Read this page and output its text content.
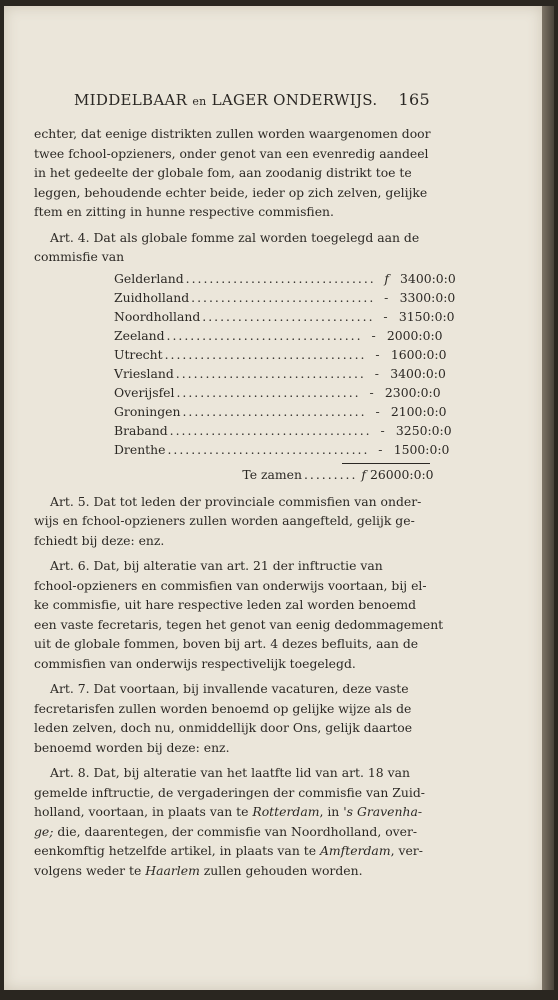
MIDDELBAAR en LAGER ONDERWIJS. 165

echter, dat eenige distrikten zullen worden waargenomen door
twee fchool-opzieners, onder genot van een evenredig aandeel
in het gedeelte der globale fom, aan zoodanig distrikt toe te
leggen, behoudende echter beide, ieder op zich zelven, gelijke
ftem en zitting in hunne respective commisfien.

Art. 4. Dat als globale fomme zal worden toegelegd aan de
commisfie van

Gelderland ................................ f 3400:0:0
Zuidholland ............................... - 3300:0:0
Noordholland ............................. - 3150:0:0
Zeeland ................................. - 2000:0:0
Utrecht .................................. - 1600:0:0
Vriesland ................................ - 3400:0:0
Overijsfel ............................... - 2300:0:0
Groningen ............................... - 2100:0:0
Braband .................................. - 3250:0:0
Drenthe .................................. - 1500:0:0
Te zamen ......... f 26000:0:0

Art. 5. Dat tot leden der provinciale commisfien van onder-
wijs en fchool-opzieners zullen worden aangefteld, gelijk ge-
fchiedt bij deze: enz.

Art. 6. Dat, bij alteratie van art. 21 der inftructie van
fchool-opzieners en commisfien van onderwijs voortaan, bij el-
ke commisfie, uit hare respective leden zal worden benoemd
een vaste fecretaris, tegen het genot van eenig dedommagement
uit de globale fommen, boven bij art. 4 dezes befluits, aan de
commisfien van onderwijs respectivelijk toegelegd.

Art. 7. Dat voortaan, bij invallende vacaturen, deze vaste
fecretarisfen zullen worden benoemd op gelijke wijze als de
leden zelven, doch nu, onmiddellijk door Ons, gelijk daartoe
benoemd worden bij deze: enz.

Art. 8. Dat, bij alteratie van het laatfte lid van art. 18 van
gemelde inftructie, de vergaderingen der commisfie van Zuid-
holland, voortaan, in plaats van te Rotterdam, in 's Gravenha-
ge; die, daarentegen, der commisfie van Noordholland, over-
eenkomftig hetzelfde artikel, in plaats van te Amfterdam, ver-
volgens weder te Haarlem zullen gehouden worden.
